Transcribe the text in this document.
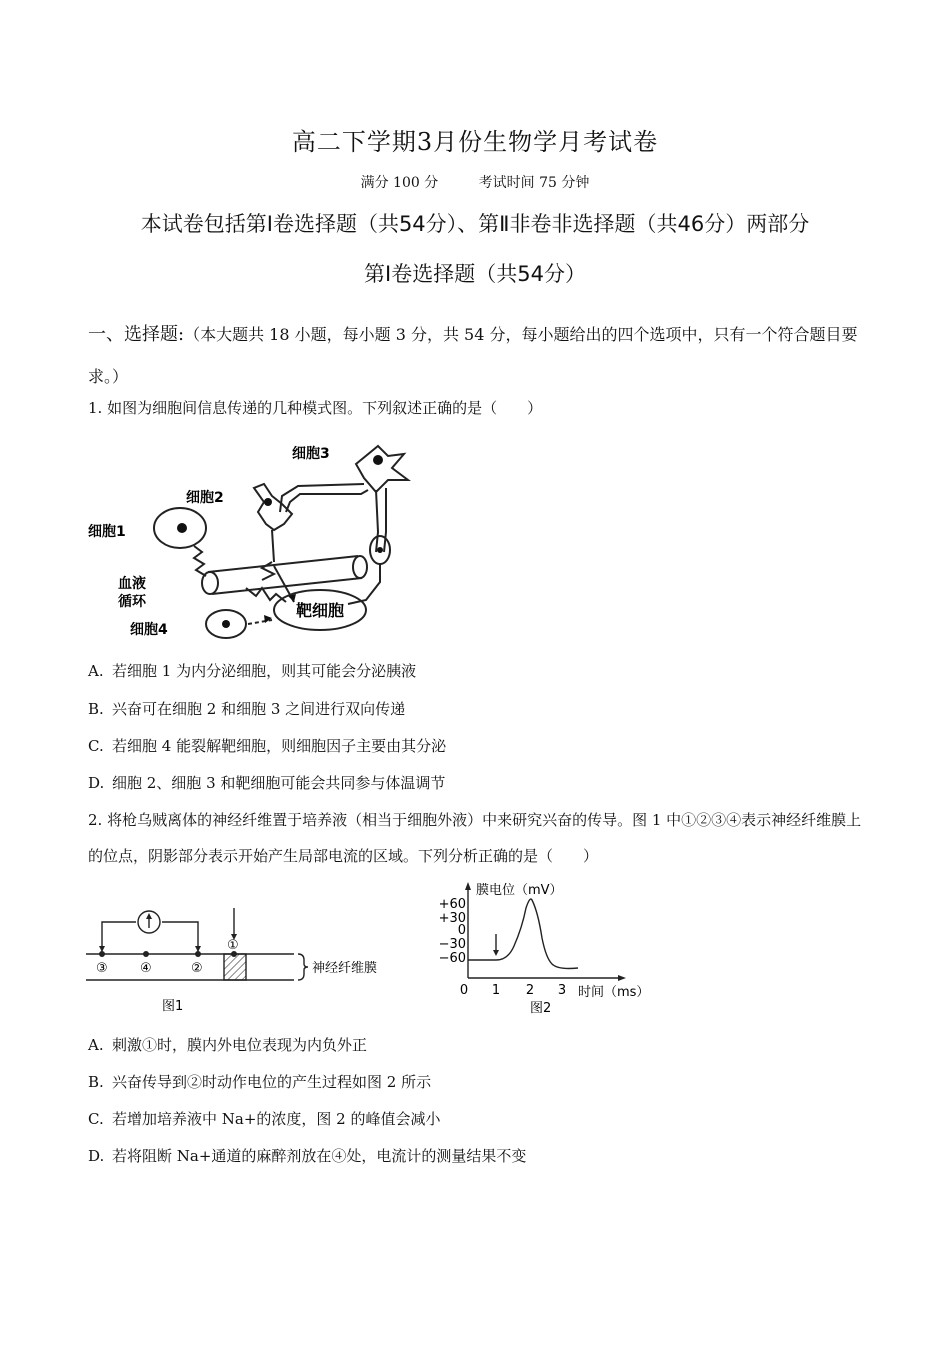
高二下学期3月份生物学月考试卷
满分 100 分	考试时间 75 分钟
本试卷包括第Ⅰ卷选择题（共54分）、第Ⅱ非卷非选择题（共46分）两部分
第Ⅰ卷选择题（共54分）
一、选择题:（本大题共 18 小题，每小题 3 分，共 54 分，每小题给出的四个选项中，只有一个符合题目要求。）
1. 如图为细胞间信息传递的几种模式图。下列叙述正确的是（　　）
细胞3
细胞2
细胞1
血液
循环
细胞4
靶细胞
A. 若细胞 1 为内分泌细胞，则其可能会分泌胰液
B. 兴奋可在细胞 2 和细胞 3 之间进行双向传递
C. 若细胞 4 能裂解靶细胞，则细胞因子主要由其分泌
D. 细胞 2、细胞 3 和靶细胞可能会共同参与体温调节
2. 将枪乌贼离体的神经纤维置于培养液（相当于细胞外液）中来研究兴奋的传导。图 1 中①②③④表示神经纤维膜上的位点，阴影部分表示开始产生局部电流的区域。下列分析正确的是（　　）
③ ④	②
①
神经纤维膜
图1
+60
+30
0
−30
−60
0 1 2 3
膜电位（mV）
时间（ms）
图2
A. 刺激①时，膜内外电位表现为内负外正
B. 兴奋传导到②时动作电位的产生过程如图 2 所示
C. 若增加培养液中 Na+的浓度，图 2 的峰值会减小
D. 若将阻断 Na+通道的麻醉剂放在④处，电流计的测量结果不变
